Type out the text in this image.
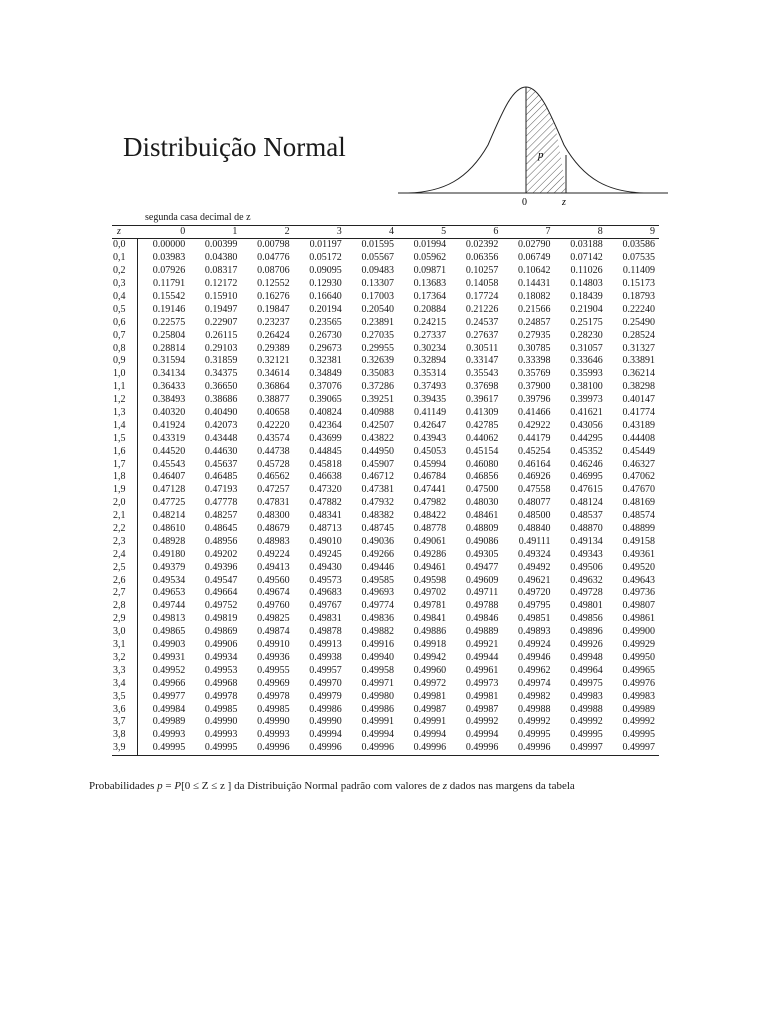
Distribuição Normal	p
0	z
segunda casa decimal de z
z	0	1	2	3	4	5	6	7	8	9
0,0	0.00000	0.00399	0.00798	0.01197	0.01595	0.01994	0.02392	0.02790	0.03188	0.03586
0,1	0.03983	0.04380	0.04776	0.05172	0.05567	0.05962	0.06356	0.06749	0.07142	0.07535
0,2	0.07926	0.08317	0.08706	0.09095	0.09483	0.09871	0.10257	0.10642	0.11026	0.11409
0,3	0.11791	0.12172	0.12552	0.12930	0.13307	0.13683	0.14058	0.14431	0.14803	0.15173
0,4	0.15542	0.15910	0.16276	0.16640	0.17003	0.17364	0.17724	0.18082	0.18439	0.18793
0,5	0.19146	0.19497	0.19847	0.20194	0.20540	0.20884	0.21226	0.21566	0.21904	0.22240
0,6	0.22575	0.22907	0.23237	0.23565	0.23891	0.24215	0.24537	0.24857	0.25175	0.25490
0,7	0.25804	0.26115	0.26424	0.26730	0.27035	0.27337	0.27637	0.27935	0.28230	0.28524
0,8	0.28814	0.29103	0.29389	0.29673	0.29955	0.30234	0.30511	0.30785	0.31057	0.31327
0,9	0.31594	0.31859	0.32121	0.32381	0.32639	0.32894	0.33147	0.33398	0.33646	0.33891
1,0	0.34134	0.34375	0.34614	0.34849	0.35083	0.35314	0.35543	0.35769	0.35993	0.36214
1,1	0.36433	0.36650	0.36864	0.37076	0.37286	0.37493	0.37698	0.37900	0.38100	0.38298
1,2	0.38493	0.38686	0.38877	0.39065	0.39251	0.39435	0.39617	0.39796	0.39973	0.40147
1,3	0.40320	0.40490	0.40658	0.40824	0.40988	0.41149	0.41309	0.41466	0.41621	0.41774
1,4	0.41924	0.42073	0.42220	0.42364	0.42507	0.42647	0.42785	0.42922	0.43056	0.43189
1,5	0.43319	0.43448	0.43574	0.43699	0.43822	0.43943	0.44062	0.44179	0.44295	0.44408
1,6	0.44520	0.44630	0.44738	0.44845	0.44950	0.45053	0.45154	0.45254	0.45352	0.45449
1,7	0.45543	0.45637	0.45728	0.45818	0.45907	0.45994	0.46080	0.46164	0.46246	0.46327
1,8	0.46407	0.46485	0.46562	0.46638	0.46712	0.46784	0.46856	0.46926	0.46995	0.47062
1,9	0.47128	0.47193	0.47257	0.47320	0.47381	0.47441	0.47500	0.47558	0.47615	0.47670
2,0	0.47725	0.47778	0.47831	0.47882	0.47932	0.47982	0.48030	0.48077	0.48124	0.48169
2,1	0.48214	0.48257	0.48300	0.48341	0.48382	0.48422	0.48461	0.48500	0.48537	0.48574
2,2	0.48610	0.48645	0.48679	0.48713	0.48745	0.48778	0.48809	0.48840	0.48870	0.48899
2,3	0.48928	0.48956	0.48983	0.49010	0.49036	0.49061	0.49086	0.49111	0.49134	0.49158
2,4	0.49180	0.49202	0.49224	0.49245	0.49266	0.49286	0.49305	0.49324	0.49343	0.49361
2,5	0.49379	0.49396	0.49413	0.49430	0.49446	0.49461	0.49477	0.49492	0.49506	0.49520
2,6	0.49534	0.49547	0.49560	0.49573	0.49585	0.49598	0.49609	0.49621	0.49632	0.49643
2,7	0.49653	0.49664	0.49674	0.49683	0.49693	0.49702	0.49711	0.49720	0.49728	0.49736
2,8	0.49744	0.49752	0.49760	0.49767	0.49774	0.49781	0.49788	0.49795	0.49801	0.49807
2,9	0.49813	0.49819	0.49825	0.49831	0.49836	0.49841	0.49846	0.49851	0.49856	0.49861
3,0	0.49865	0.49869	0.49874	0.49878	0.49882	0.49886	0.49889	0.49893	0.49896	0.49900
3,1	0.49903	0.49906	0.49910	0.49913	0.49916	0.49918	0.49921	0.49924	0.49926	0.49929
3,2	0.49931	0.49934	0.49936	0.49938	0.49940	0.49942	0.49944	0.49946	0.49948	0.49950
3,3	0.49952	0.49953	0.49955	0.49957	0.49958	0.49960	0.49961	0.49962	0.49964	0.49965
3,4	0.49966	0.49968	0.49969	0.49970	0.49971	0.49972	0.49973	0.49974	0.49975	0.49976
3,5	0.49977	0.49978	0.49978	0.49979	0.49980	0.49981	0.49981	0.49982	0.49983	0.49983
3,6	0.49984	0.49985	0.49985	0.49986	0.49986	0.49987	0.49987	0.49988	0.49988	0.49989
3,7	0.49989	0.49990	0.49990	0.49990	0.49991	0.49991	0.49992	0.49992	0.49992	0.49992
3,8	0.49993	0.49993	0.49993	0.49994	0.49994	0.49994	0.49994	0.49995	0.49995	0.49995
3,9	0.49995	0.49995	0.49996	0.49996	0.49996	0.49996	0.49996	0.49996	0.49997	0.49997
Probabilidades p = P[0 ≤ Z ≤ z ] da Distribuição Normal padrão com valores de z dados nas margens da tabela
